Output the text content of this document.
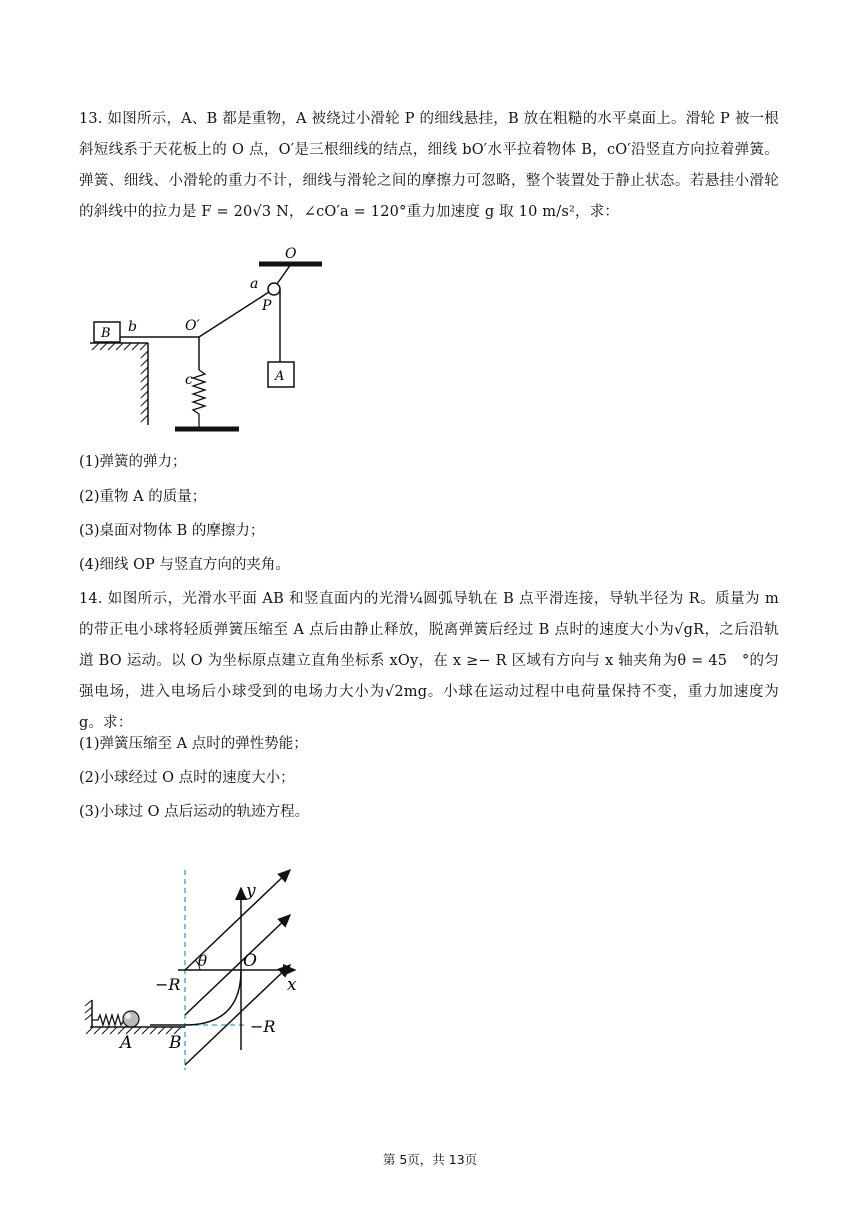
13. 如图所示，A、B 都是重物，A 被绕过小滑轮 P 的细线悬挂，B 放在粗糙的水平桌面上。滑轮 P 被一根斜短线系于天花板上的 O 点，O′是三根细线的结点，细线 bO′水平拉着物体 B，cO′沿竖直方向拉着弹簧。弹簧、细线、小滑轮的重力不计，细线与滑轮之间的摩擦力可忽略，整个装置处于静止状态。若悬挂小滑轮的斜线中的拉力是 F = 20√3 N，∠cO′a = 120°重力加速度 g 取 10 m/s²，求：
O
a
P
A
B b	O′
c
(1)弹簧的弹力；
(2)重物 A 的质量；
(3)桌面对物体 B 的摩擦力；
(4)细线 OP 与竖直方向的夹角。
14. 如图所示，光滑水平面 AB 和竖直面内的光滑¼圆弧导轨在 B 点平滑连接，导轨半径为 R。质量为 m 的带正电小球将轻质弹簧压缩至 A 点后由静止释放，脱离弹簧后经过 B 点时的速度大小为√gR，之后沿轨道 BO 运动。以 O 为坐标原点建立直角坐标系 xOy，在 x ≥− R 区域有方向与 x 轴夹角为θ = 45　°的匀强电场，进入电场后小球受到的电场力大小为√2mg。小球在运动过程中电荷量保持不变，重力加速度为 g。求：
(1)弹簧压缩至 A 点时的弹性势能；
(2)小球经过 O 点时的速度大小；
(3)小球过 O 点后运动的轨迹方程。
y
x
θ O
−R
−R
A B
第 5页，共 13页
